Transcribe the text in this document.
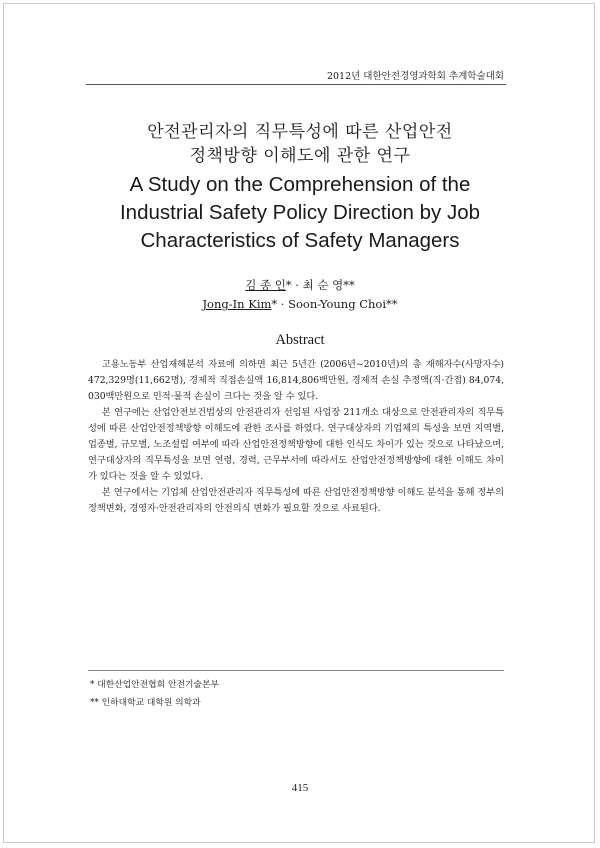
2012년 대한안전경영과학회 추계학술대회
안전관리자의 직무특성에 따른 산업안전
정책방향 이해도에 관한 연구
A Study on the Comprehension of the
Industrial Safety Policy Direction by Job
Characteristics of Safety Managers
김 종 인* · 최 순 영**
Jong-In Kim* · Soon-Young Choi**
Abstract

고용노동부 산업재해분석 자료에 의하면 최근 5년간 (2006년~2010년)의 총 재해자수(사망자수) 472,329명(11,662명), 경제적 직접손실액 16,814,806백만원, 경제적 손실 추정액(직·간접) 84,074, 030백만원으로 인적·물적 손실이 크다는 것을 알 수 있다.

본 연구에는 산업안전보건법상의 안전관리자 선임된 사업장 211개소 대상으로 안전관리자의 직무특성에 따른 산업안전정책방향 이해도에 관한 조사를 하였다. 연구대상자의 기업체의 특성을 보면 지역별, 업종별, 규모별, 노조설립 여부에 따라 산업안전정책방향에 대한 인식도 차이가 있는 것으로 나타났으며, 연구대상자의 직무특성을 보면 연령, 경력, 근무부서에 따라서도 산업안전정책방향에 대한 이해도 차이가 있다는 것을 알 수 있었다.

본 연구에서는 기업체 산업안전관리자 직무특성에 따른 산업안전정책방향 이해도 분석을 통해 정부의 정책변화, 경영자·안전관리자의 안전의식 변화가 필요할 것으로 사료된다.

* 대한산업안전협회 안전기술본부
** 인하대학교 대학원 의학과
415
